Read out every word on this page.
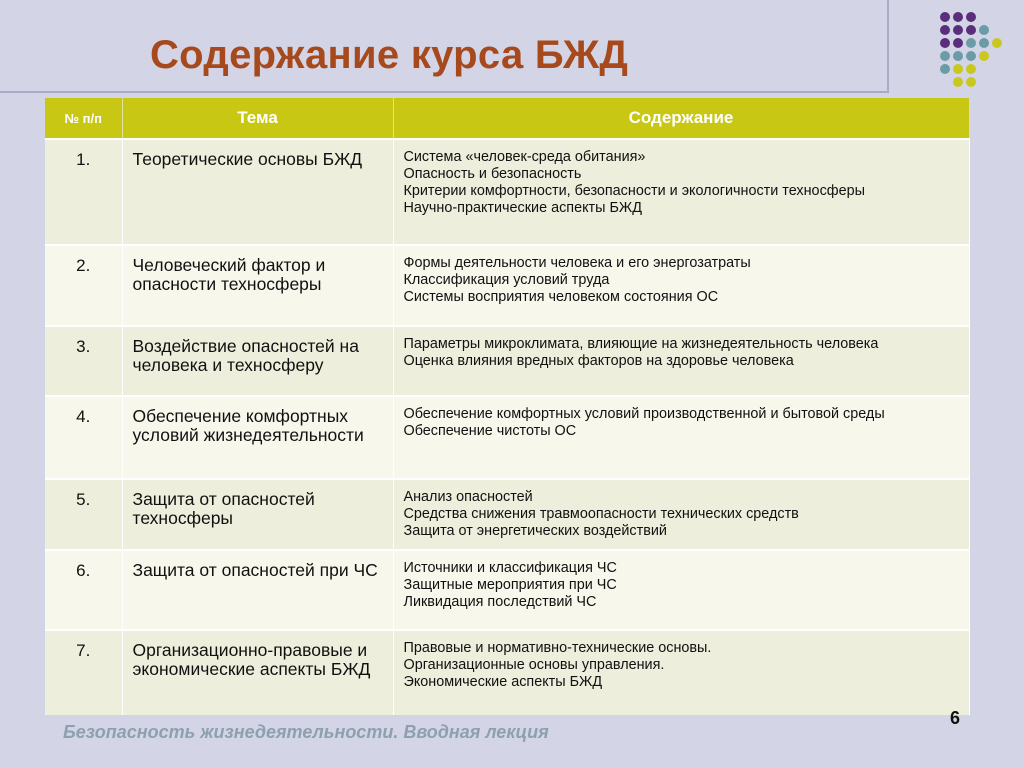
Содержание курса БЖД
№ п/п	Тема	Содержание
1.	Теоретические основы БЖД	Система «человек-среда обитания»
Опасность и безопасность
Критерии комфортности, безопасности и экологичности техносферы
Научно-практические аспекты БЖД

2.	Человеческий фактор и опасности техносферы	Формы деятельности человека и его энергозатраты
Классификация условий труда
Системы восприятия человеком состояния ОС

3.	Воздействие опасностей на человека и техносферу	Параметры микроклимата, влияющие на жизнедеятельность человека
Оценка влияния вредных факторов на здоровье человека

4.	Обеспечение комфортных условий жизнедеятельности	Обеспечение комфортных условий производственной и бытовой среды
Обеспечение чистоты ОС

5.	Защита от опасностей техносферы	Анализ опасностей
Средства снижения травмоопасности технических средств
Защита от энергетических воздействий

6.	Защита от опасностей при ЧС	Источники и классификация ЧС
Защитные мероприятия при ЧС
Ликвидация последствий ЧС

7.	Организационно-правовые и экономические аспекты БЖД	Правовые и нормативно-технические основы.
Организационные основы управления.
Экономические аспекты БЖД
6
Безопасность жизнедеятельности. Вводная лекция
